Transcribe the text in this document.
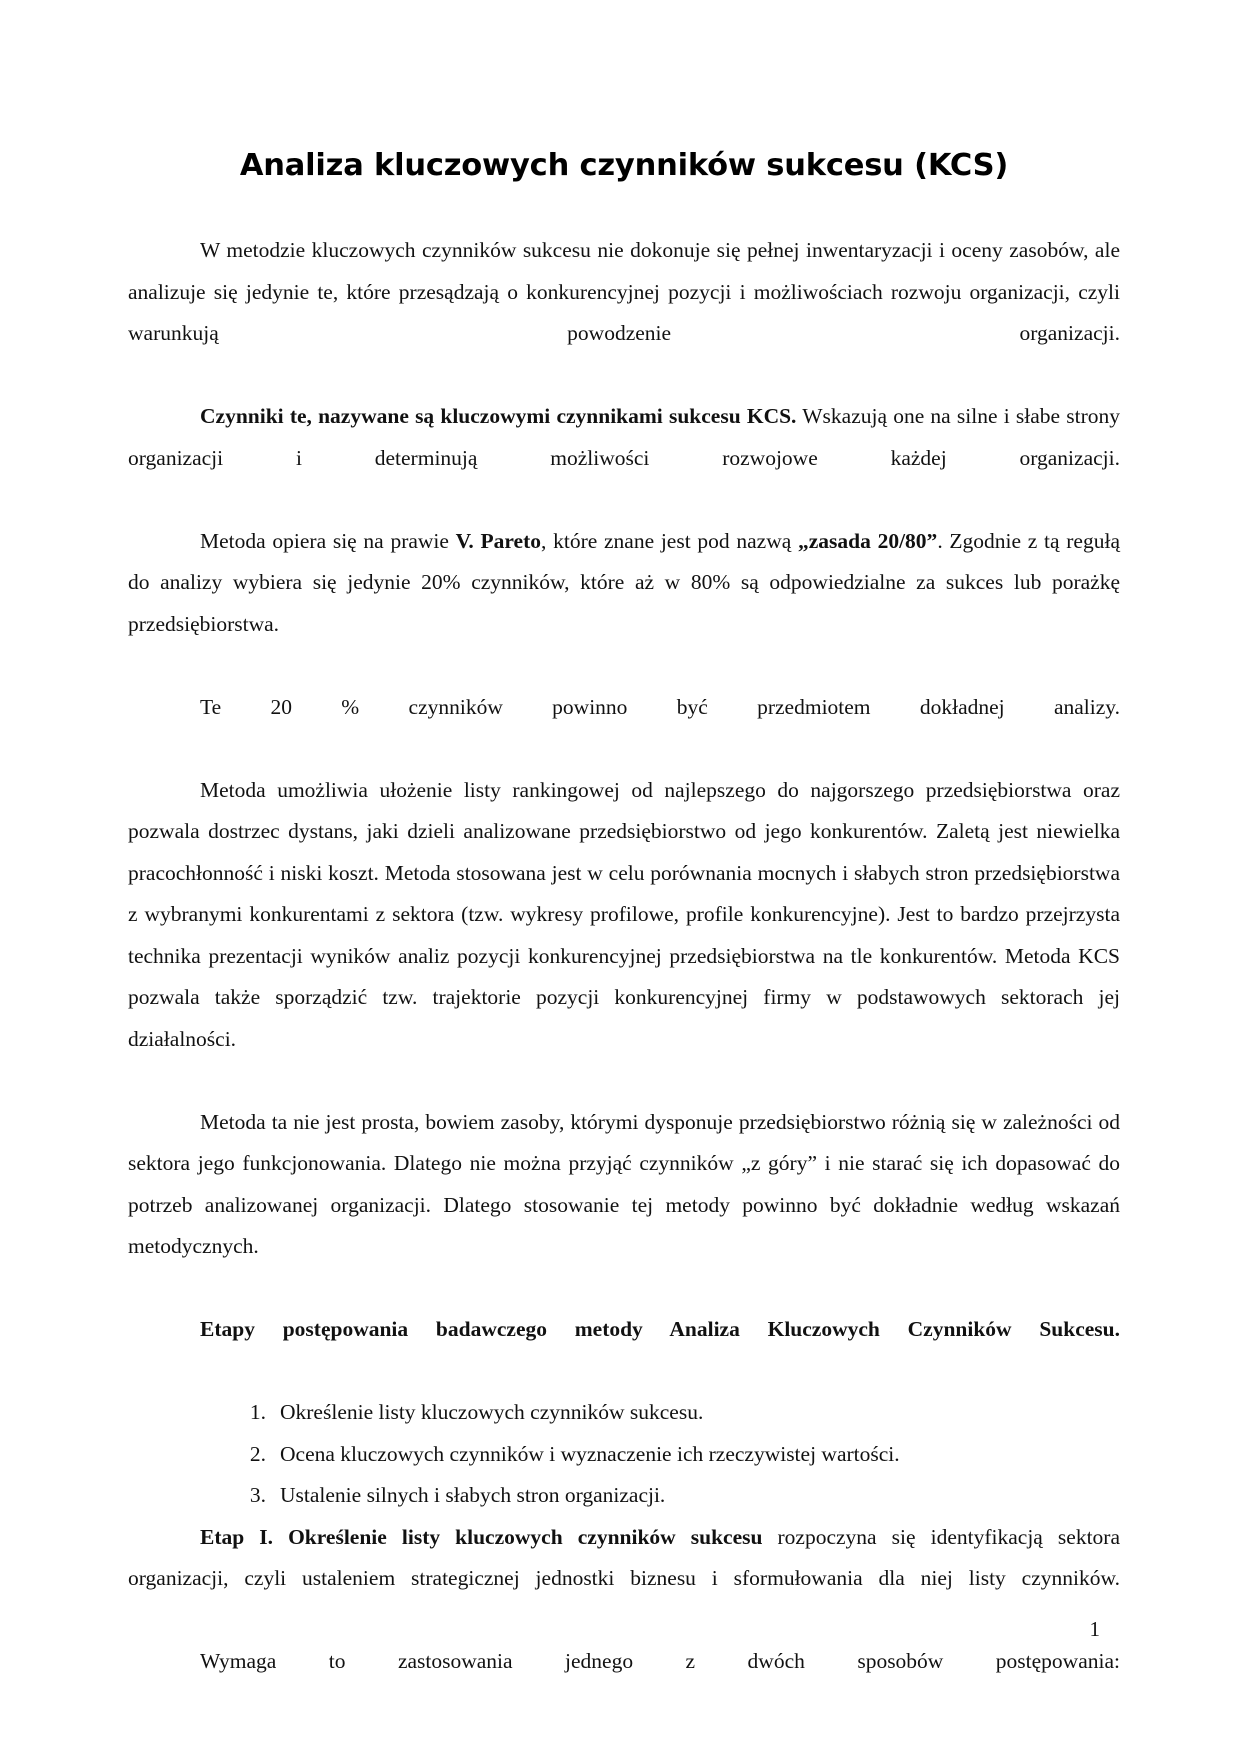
Analiza kluczowych czynników sukcesu (KCS)

W metodzie kluczowych czynników sukcesu nie dokonuje się pełnej inwentaryzacji i oceny zasobów, ale analizuje się jedynie te, które przesądzają o konkurencyjnej pozycji i możliwościach rozwoju organizacji, czyli warunkują powodzenie organizacji.

Czynniki te, nazywane są kluczowymi czynnikami sukcesu KCS. Wskazują one na silne i słabe strony organizacji i determinują możliwości rozwojowe każdej organizacji.

Metoda opiera się na prawie V. Pareto, które znane jest pod nazwą „zasada 20/80”. Zgodnie z tą regułą do analizy wybiera się jedynie 20% czynników, które aż w 80% są odpowiedzialne za sukces lub porażkę przedsiębiorstwa.

Te 20 % czynników powinno być przedmiotem dokładnej analizy.

Metoda umożliwia ułożenie listy rankingowej od najlepszego do najgorszego przedsiębiorstwa oraz pozwala dostrzec dystans, jaki dzieli analizowane przedsiębiorstwo od jego konkurentów. Zaletą jest niewielka pracochłonność i niski koszt. Metoda stosowana jest w celu porównania mocnych i słabych stron przedsiębiorstwa z wybranymi konkurentami z sektora (tzw. wykresy profilowe, profile konkurencyjne). Jest to bardzo przejrzysta technika prezentacji wyników analiz pozycji konkurencyjnej przedsiębiorstwa na tle konkurentów. Metoda KCS pozwala także sporządzić tzw. trajektorie pozycji konkurencyjnej firmy w podstawowych sektorach jej działalności.

Metoda ta nie jest prosta, bowiem zasoby, którymi dysponuje przedsiębiorstwo różnią się w zależności od sektora jego funkcjonowania. Dlatego nie można przyjąć czynników „z góry” i nie starać się ich dopasować do potrzeb analizowanej organizacji. Dlatego stosowanie tej metody powinno być dokładnie według wskazań metodycznych.

Etapy postępowania badawczego metody Analiza Kluczowych Czynników Sukcesu.

Określenie listy kluczowych czynników sukcesu.
Ocena kluczowych czynników i wyznaczenie ich rzeczywistej wartości.
Ustalenie silnych i słabych stron organizacji.

Etap I. Określenie listy kluczowych czynników sukcesu rozpoczyna się identyfikacją sektora organizacji, czyli ustaleniem strategicznej jednostki biznesu i sformułowania dla niej listy czynników.

Wymaga to zastosowania jednego z dwóch sposobów postępowania:

1
